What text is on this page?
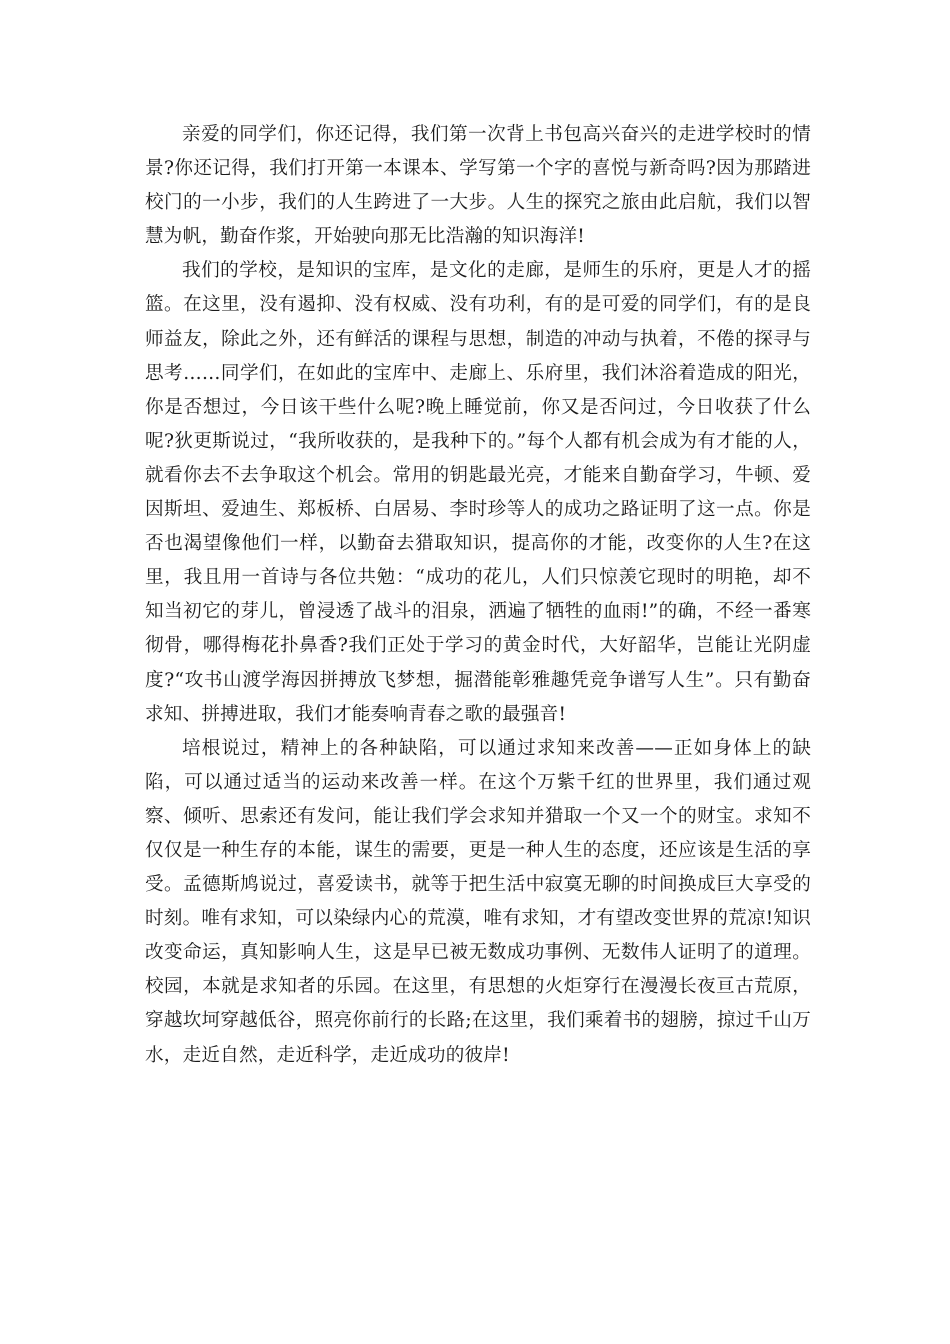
亲爱的同学们，你还记得，我们第一次背上书包高兴奋兴的走进学校时的情景?你还记得，我们打开第一本课本、学写第一个字的喜悦与新奇吗?因为那踏进校门的一小步，我们的人生跨进了一大步。人生的探究之旅由此启航，我们以智慧为帆，勤奋作浆，开始驶向那无比浩瀚的知识海洋!

我们的学校，是知识的宝库，是文化的走廊，是师生的乐府，更是人才的摇篮。在这里，没有遏抑、没有权威、没有功利，有的是可爱的同学们，有的是良师益友，除此之外，还有鲜活的课程与思想，制造的冲动与执着，不倦的探寻与思考……同学们，在如此的宝库中、走廊上、乐府里，我们沐浴着造成的阳光，你是否想过，今日该干些什么呢?晚上睡觉前，你又是否问过，今日收获了什么呢?狄更斯说过，“我所收获的，是我种下的。”每个人都有机会成为有才能的人，就看你去不去争取这个机会。常用的钥匙最光亮，才能来自勤奋学习，牛顿、爱因斯坦、爱迪生、郑板桥、白居易、李时珍等人的成功之路证明了这一点。你是否也渴望像他们一样，以勤奋去猎取知识，提高你的才能，改变你的人生?在这里，我且用一首诗与各位共勉：“成功的花儿，人们只惊羡它现时的明艳，却不知当初它的芽儿，曾浸透了战斗的泪泉，洒遍了牺牲的血雨!”的确，不经一番寒彻骨，哪得梅花扑鼻香?我们正处于学习的黄金时代，大好韶华，岂能让光阴虚度?“攻书山渡学海因拼搏放飞梦想，掘潜能彰雅趣凭竞争谱写人生”。只有勤奋求知、拼搏进取，我们才能奏响青春之歌的最强音!

培根说过，精神上的各种缺陷，可以通过求知来改善——正如身体上的缺陷，可以通过适当的运动来改善一样。在这个万紫千红的世界里，我们通过观察、倾听、思索还有发问，能让我们学会求知并猎取一个又一个的财宝。求知不仅仅是一种生存的本能，谋生的需要，更是一种人生的态度，还应该是生活的享受。孟德斯鸠说过，喜爱读书，就等于把生活中寂寞无聊的时间换成巨大享受的时刻。唯有求知，可以染绿内心的荒漠，唯有求知，才有望改变世界的荒凉!知识改变命运，真知影响人生，这是早已被无数成功事例、无数伟人证明了的道理。校园，本就是求知者的乐园。在这里，有思想的火炬穿行在漫漫长夜亘古荒原，穿越坎坷穿越低谷，照亮你前行的长路;在这里，我们乘着书的翅膀，掠过千山万水，走近自然，走近科学，走近成功的彼岸!
